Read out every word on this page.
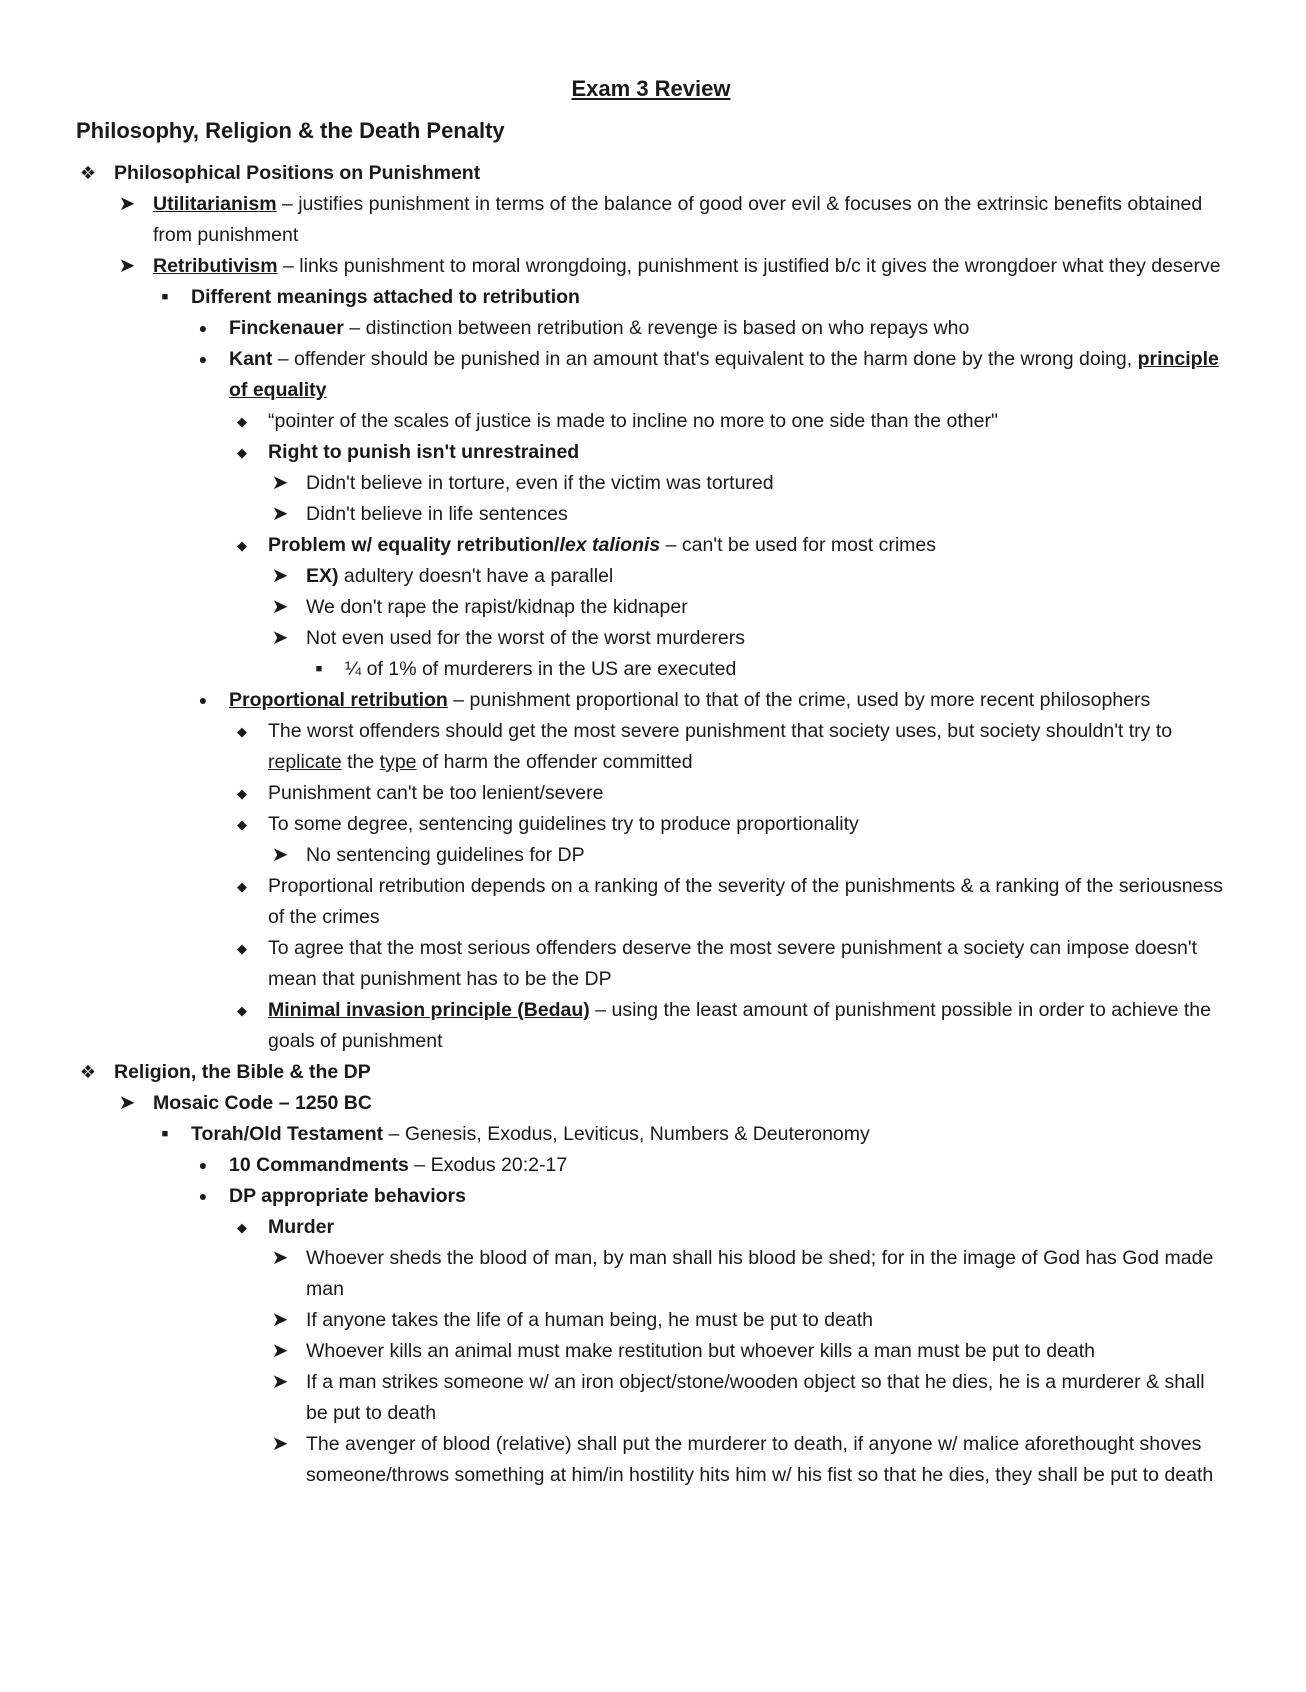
Exam 3 Review
Philosophy, Religion & the Death Penalty
❖ Philosophical Positions on Punishment
➤ Utilitarianism – justifies punishment in terms of the balance of good over evil & focuses on the extrinsic benefits obtained from punishment
➤ Retributivism – links punishment to moral wrongdoing, punishment is justified b/c it gives the wrongdoer what they deserve
■	Different meanings attached to retribution
● Finckenauer – distinction between retribution & revenge is based on who repays who
● Kant – offender should be punished in an amount that's equivalent to the harm done by the wrong doing, principle of equality
◆ “pointer of the scales of justice is made to incline no more to one side than the other"
◆ Right to punish isn't unrestrained
➤ Didn't believe in torture, even if the victim was tortured
➤ Didn't believe in life sentences
◆ Problem w/ equality retribution/lex talionis – can't be used for most crimes
➤ EX) adultery doesn't have a parallel
➤ We don't rape the rapist/kidnap the kidnaper
➤ Not even used for the worst of the worst murderers
■	¼ of 1% of murderers in the US are executed
● Proportional retribution – punishment proportional to that of the crime, used by more recent philosophers
◆ The worst offenders should get the most severe punishment that society uses, but society shouldn't try to replicate the type of harm the offender committed
◆ Punishment can't be too lenient/severe
◆ To some degree, sentencing guidelines try to produce proportionality
➤ No sentencing guidelines for DP
◆ Proportional retribution depends on a ranking of the severity of the punishments & a ranking of the seriousness of the crimes
◆ To agree that the most serious offenders deserve the most severe punishment a society can impose doesn't mean that punishment has to be the DP
◆ Minimal invasion principle (Bedau) – using the least amount of punishment possible in order to achieve the goals of punishment
❖ Religion, the Bible & the DP
➤ Mosaic Code – 1250 BC
■	Torah/Old Testament – Genesis, Exodus, Leviticus, Numbers & Deuteronomy
● 10 Commandments – Exodus 20:2-17
● DP appropriate behaviors
◆ Murder
➤ Whoever sheds the blood of man, by man shall his blood be shed; for in the image of God has God made man
➤ If anyone takes the life of a human being, he must be put to death
➤ Whoever kills an animal must make restitution but whoever kills a man must be put to death
➤ If a man strikes someone w/ an iron object/stone/wooden object so that he dies, he is a murderer & shall be put to death
➤ The avenger of blood (relative) shall put the murderer to death, if anyone w/ malice aforethought shoves someone/throws something at him/in hostility hits him w/ his fist so that he dies, they shall be put to death
